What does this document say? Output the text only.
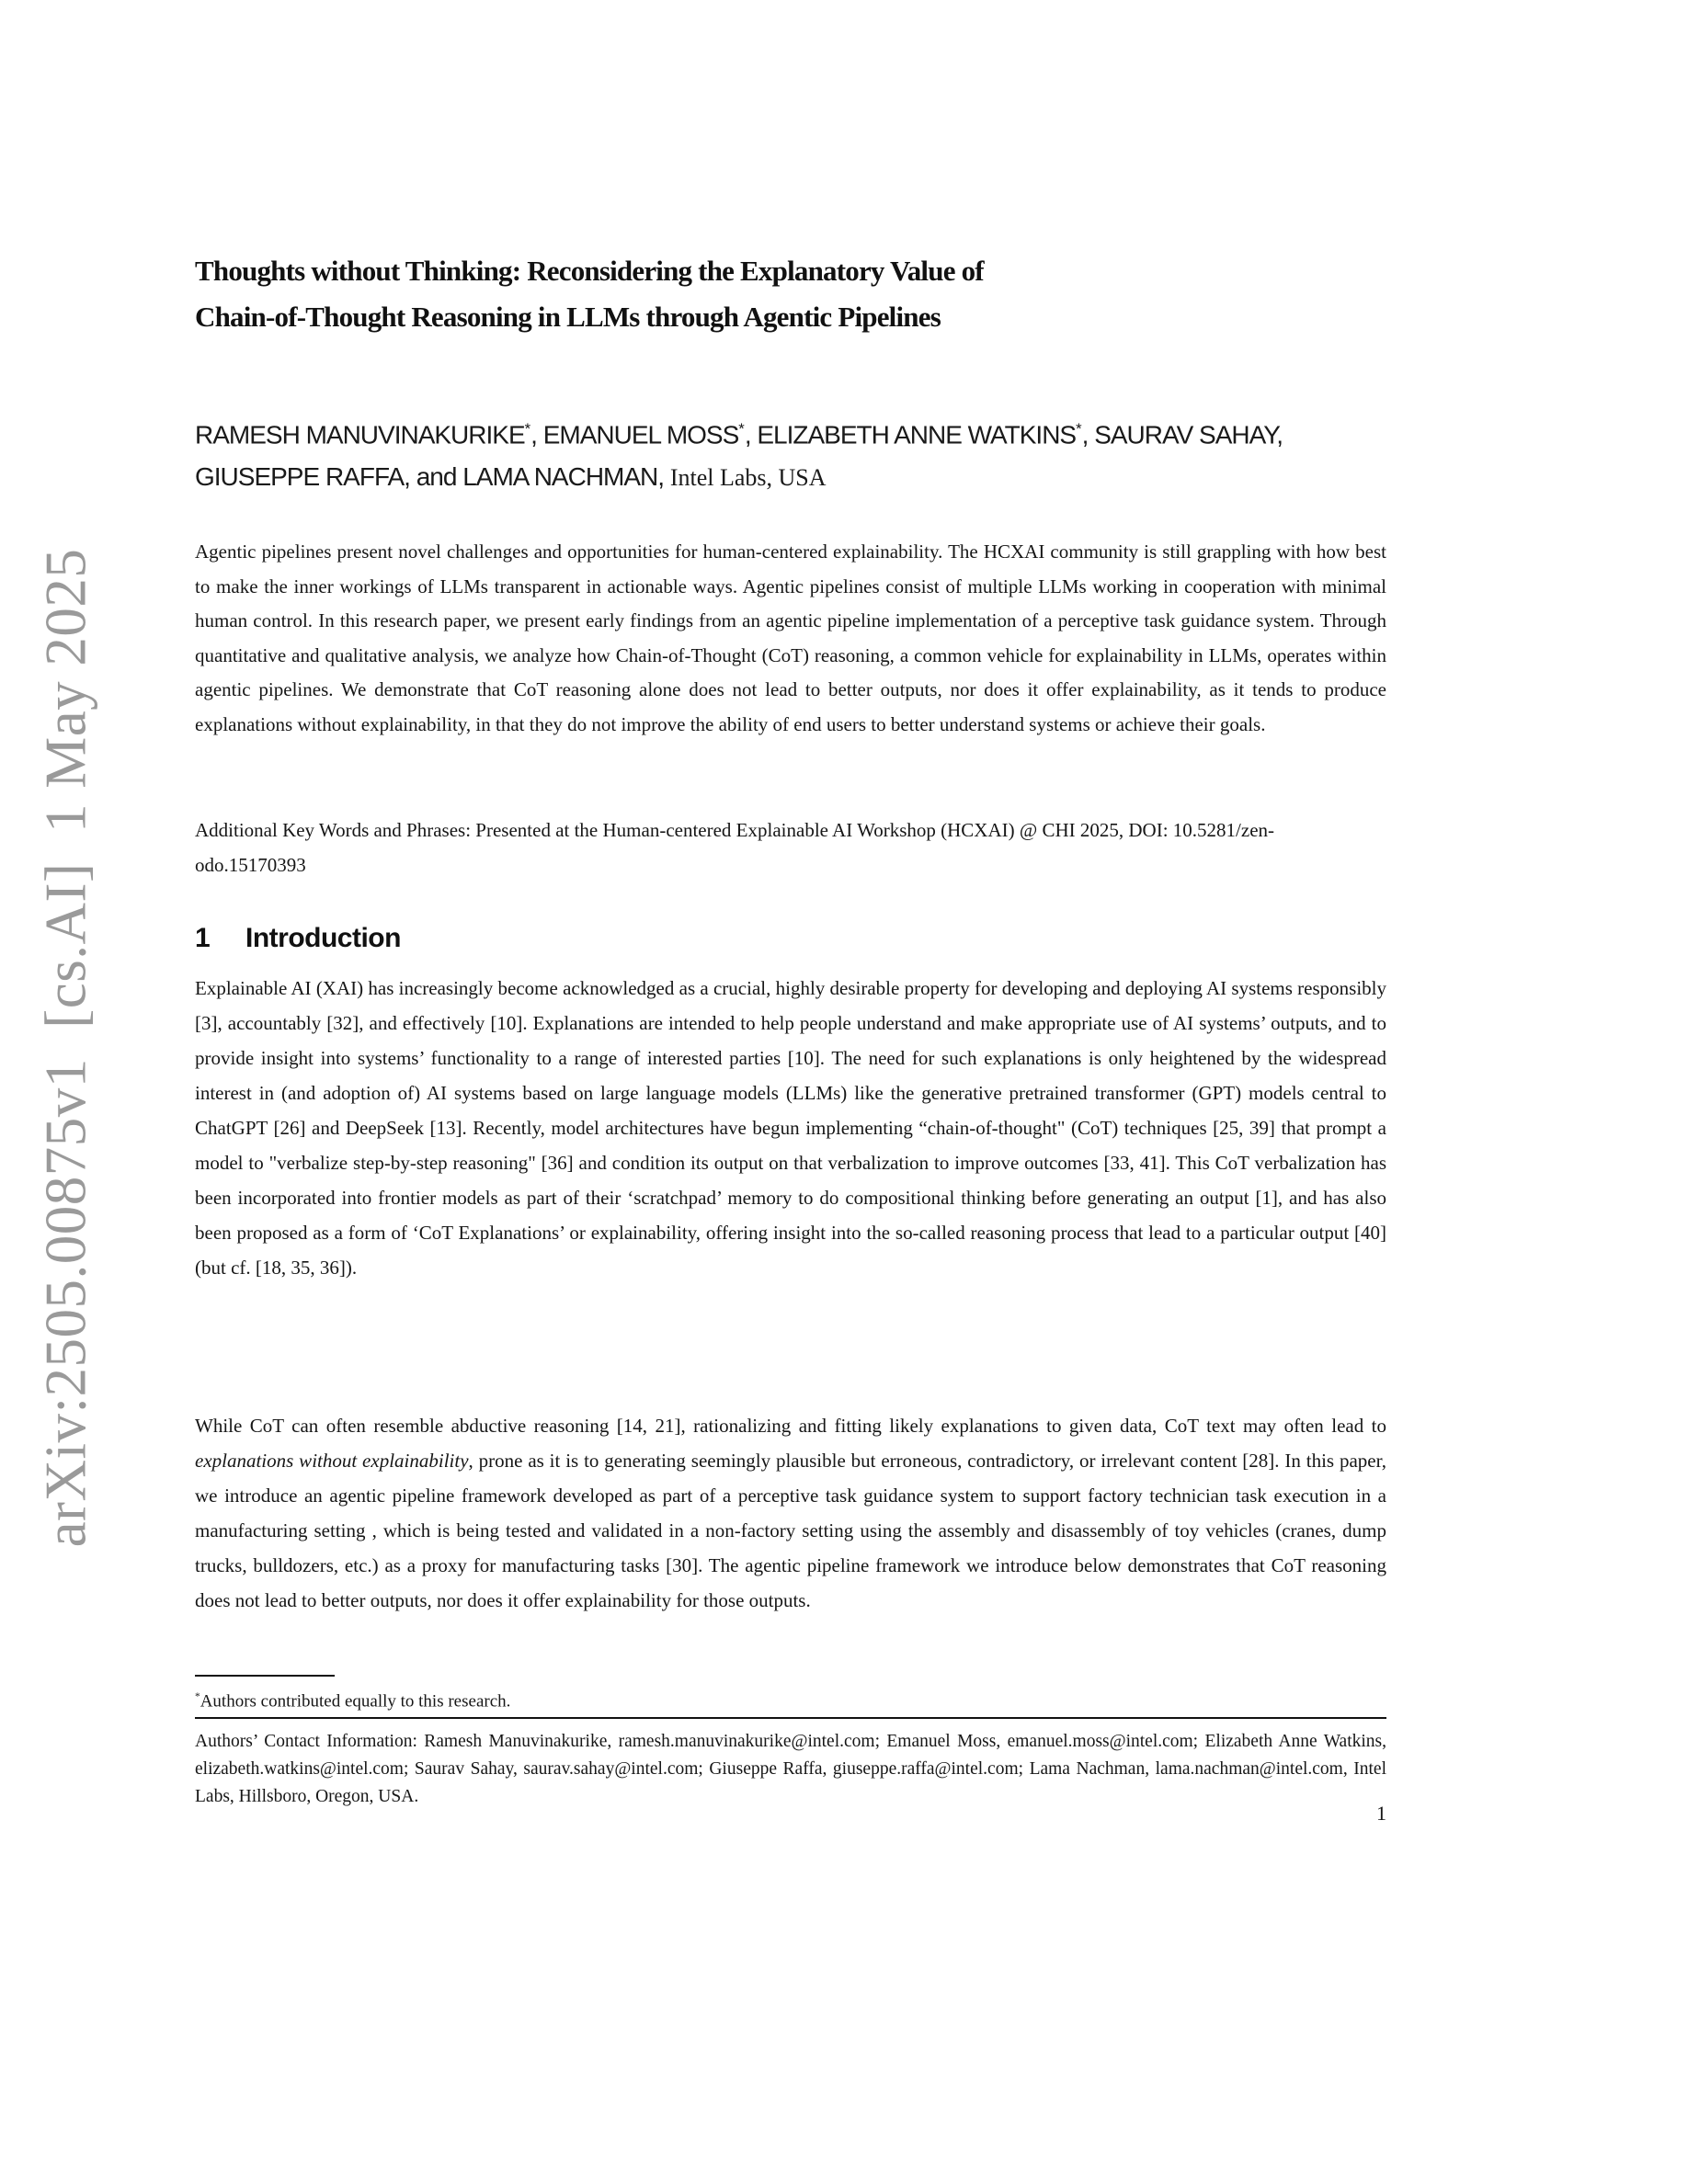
arXiv:2505.00875v1  [cs.AI]  1 May 2025
Thoughts without Thinking: Reconsidering the Explanatory Value of
Chain-of-Thought Reasoning in LLMs through Agentic Pipelines
RAMESH MANUVINAKURIKE*, EMANUEL MOSS*, ELIZABETH ANNE WATKINS*, SAURAV SAHAY, GIUSEPPE RAFFA, and LAMA NACHMAN, Intel Labs, USA
Agentic pipelines present novel challenges and opportunities for human-centered explainability. The HCXAI community is still grappling with how best to make the inner workings of LLMs transparent in actionable ways. Agentic pipelines consist of multiple LLMs working in cooperation with minimal human control. In this research paper, we present early findings from an agentic pipeline implementation of a perceptive task guidance system. Through quantitative and qualitative analysis, we analyze how Chain-of-Thought (CoT) reasoning, a common vehicle for explainability in LLMs, operates within agentic pipelines. We demonstrate that CoT reasoning alone does not lead to better outputs, nor does it offer explainability, as it tends to produce explanations without explainability, in that they do not improve the ability of end users to better understand systems or achieve their goals.
Additional Key Words and Phrases: Presented at the Human-centered Explainable AI Workshop (HCXAI) @ CHI 2025, DOI: 10.5281/zen-
odo.15170393
1 Introduction

Explainable AI (XAI) has increasingly become acknowledged as a crucial, highly desirable property for developing and deploying AI systems responsibly [3], accountably [32], and effectively [10]. Explanations are intended to help people understand and make appropriate use of AI systems’ outputs, and to provide insight into systems’ functionality to a range of interested parties [10]. The need for such explanations is only heightened by the widespread interest in (and adoption of) AI systems based on large language models (LLMs) like the generative pretrained transformer (GPT) models central to ChatGPT [26] and DeepSeek [13]. Recently, model architectures have begun implementing “chain-of-thought" (CoT) techniques [25, 39] that prompt a model to "verbalize step-by-step reasoning" [36] and condition its output on that verbalization to improve outcomes [33, 41]. This CoT verbalization has been incorporated into frontier models as part of their ‘scratchpad’ memory to do compositional thinking before generating an output [1], and has also been proposed as a form of ‘CoT Explanations’ or explainability, offering insight into the so-called reasoning process that lead to a particular output [40] (but cf. [18, 35, 36]).

While CoT can often resemble abductive reasoning [14, 21], rationalizing and fitting likely explanations to given data, CoT text may often lead to explanations without explainability, prone as it is to generating seemingly plausible but erroneous, contradictory, or irrelevant content [28]. In this paper, we introduce an agentic pipeline framework developed as part of a perceptive task guidance system to support factory technician task execution in a manufacturing setting , which is being tested and validated in a non-factory setting using the assembly and disassembly of toy vehicles (cranes, dump trucks, bulldozers, etc.) as a proxy for manufacturing tasks [30]. The agentic pipeline framework we introduce below demonstrates that CoT reasoning does not lead to better outputs, nor does it offer explainability for those outputs.

*Authors contributed equally to this research.
Authors’ Contact Information: Ramesh Manuvinakurike, ramesh.manuvinakurike@intel.com; Emanuel Moss, emanuel.moss@intel.com; Elizabeth Anne Watkins, elizabeth.watkins@intel.com; Saurav Sahay, saurav.sahay@intel.com; Giuseppe Raffa, giuseppe.raffa@intel.com; Lama Nachman, lama.nachman@intel.com, Intel Labs, Hillsboro, Oregon, USA.
1
